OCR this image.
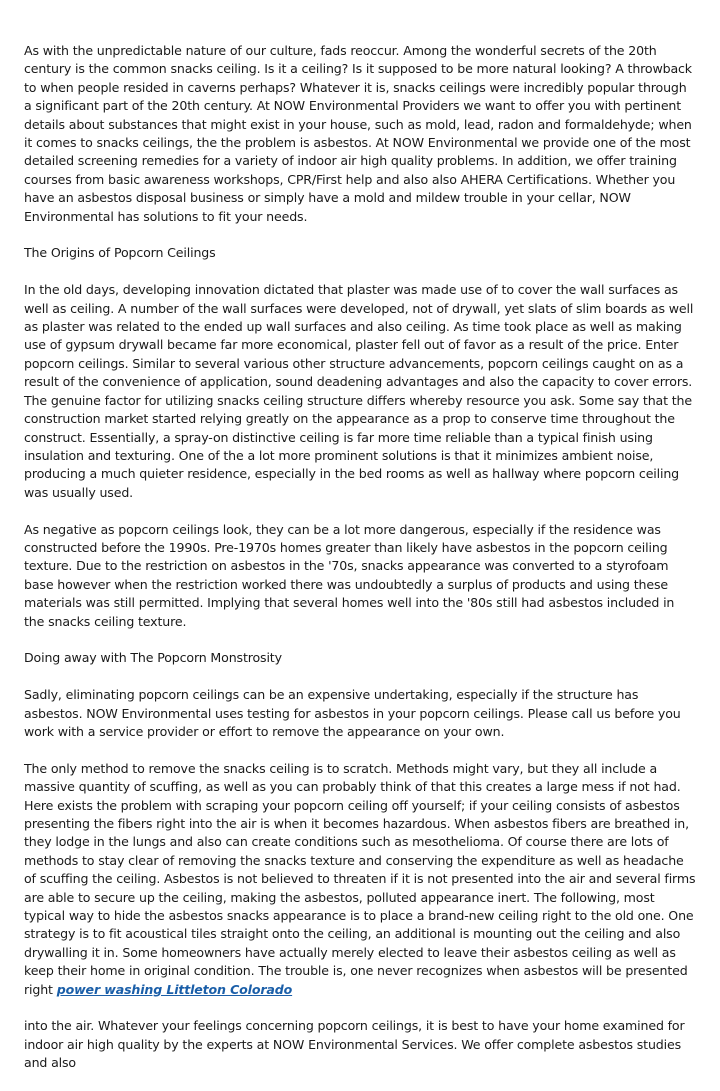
As with the unpredictable nature of our culture, fads reoccur. Among the wonderful secrets of the 20th century is the common snacks ceiling. Is it a ceiling? Is it supposed to be more natural looking? A throwback to when people resided in caverns perhaps? Whatever it is, snacks ceilings were incredibly popular through a significant part of the 20th century. At NOW Environmental Providers we want to offer you with pertinent details about substances that might exist in your house, such as mold, lead, radon and formaldehyde; when it comes to snacks ceilings, the the problem is asbestos. At NOW Environmental we provide one of the most detailed screening remedies for a variety of indoor air high quality problems. In addition, we offer training courses from basic awareness workshops, CPR/First help and also also AHERA Certifications. Whether you have an asbestos disposal business or simply have a mold and mildew trouble in your cellar, NOW Environmental has solutions to fit your needs.

The Origins of Popcorn Ceilings

In the old days, developing innovation dictated that plaster was made use of to cover the wall surfaces as well as ceiling. A number of the wall surfaces were developed, not of drywall, yet slats of slim boards as well as plaster was related to the ended up wall surfaces and also ceiling. As time took place as well as making use of gypsum drywall became far more economical, plaster fell out of favor as a result of the price. Enter popcorn ceilings. Similar to several various other structure advancements, popcorn ceilings caught on as a result of the convenience of application, sound deadening advantages and also the capacity to cover errors. The genuine factor for utilizing snacks ceiling structure differs whereby resource you ask. Some say that the construction market started relying greatly on the appearance as a prop to conserve time throughout the construct. Essentially, a spray-on distinctive ceiling is far more time reliable than a typical finish using insulation and texturing. One of the a lot more prominent solutions is that it minimizes ambient noise, producing a much quieter residence, especially in the bed rooms as well as hallway where popcorn ceiling was usually used.

As negative as popcorn ceilings look, they can be a lot more dangerous, especially if the residence was constructed before the 1990s. Pre-1970s homes greater than likely have asbestos in the popcorn ceiling texture. Due to the restriction on asbestos in the '70s, snacks appearance was converted to a styrofoam base however when the restriction worked there was undoubtedly a surplus of products and using these materials was still permitted. Implying that several homes well into the '80s still had asbestos included in the snacks ceiling texture.

Doing away with The Popcorn Monstrosity

Sadly, eliminating popcorn ceilings can be an expensive undertaking, especially if the structure has asbestos. NOW Environmental uses testing for asbestos in your popcorn ceilings. Please call us before you work with a service provider or effort to remove the appearance on your own.

The only method to remove the snacks ceiling is to scratch. Methods might vary, but they all include a massive quantity of scuffing, as well as you can probably think of that this creates a large mess if not had. Here exists the problem with scraping your popcorn ceiling off yourself; if your ceiling consists of asbestos presenting the fibers right into the air is when it becomes hazardous. When asbestos fibers are breathed in, they lodge in the lungs and also can create conditions such as mesothelioma. Of course there are lots of methods to stay clear of removing the snacks texture and conserving the expenditure as well as headache of scuffing the ceiling. Asbestos is not believed to threaten if it is not presented into the air and several firms are able to secure up the ceiling, making the asbestos, polluted appearance inert. The following, most typical way to hide the asbestos snacks appearance is to place a brand-new ceiling right to the old one. One strategy is to fit acoustical tiles straight onto the ceiling, an additional is mounting out the ceiling and also drywalling it in. Some homeowners have actually merely elected to leave their asbestos ceiling as well as keep their home in original condition. The trouble is, one never recognizes when asbestos will be presented right power washing Littleton Colorado

into the air. Whatever your feelings concerning popcorn ceilings, it is best to have your home examined for indoor air high quality by the experts at NOW Environmental Services. We offer complete asbestos studies and also
